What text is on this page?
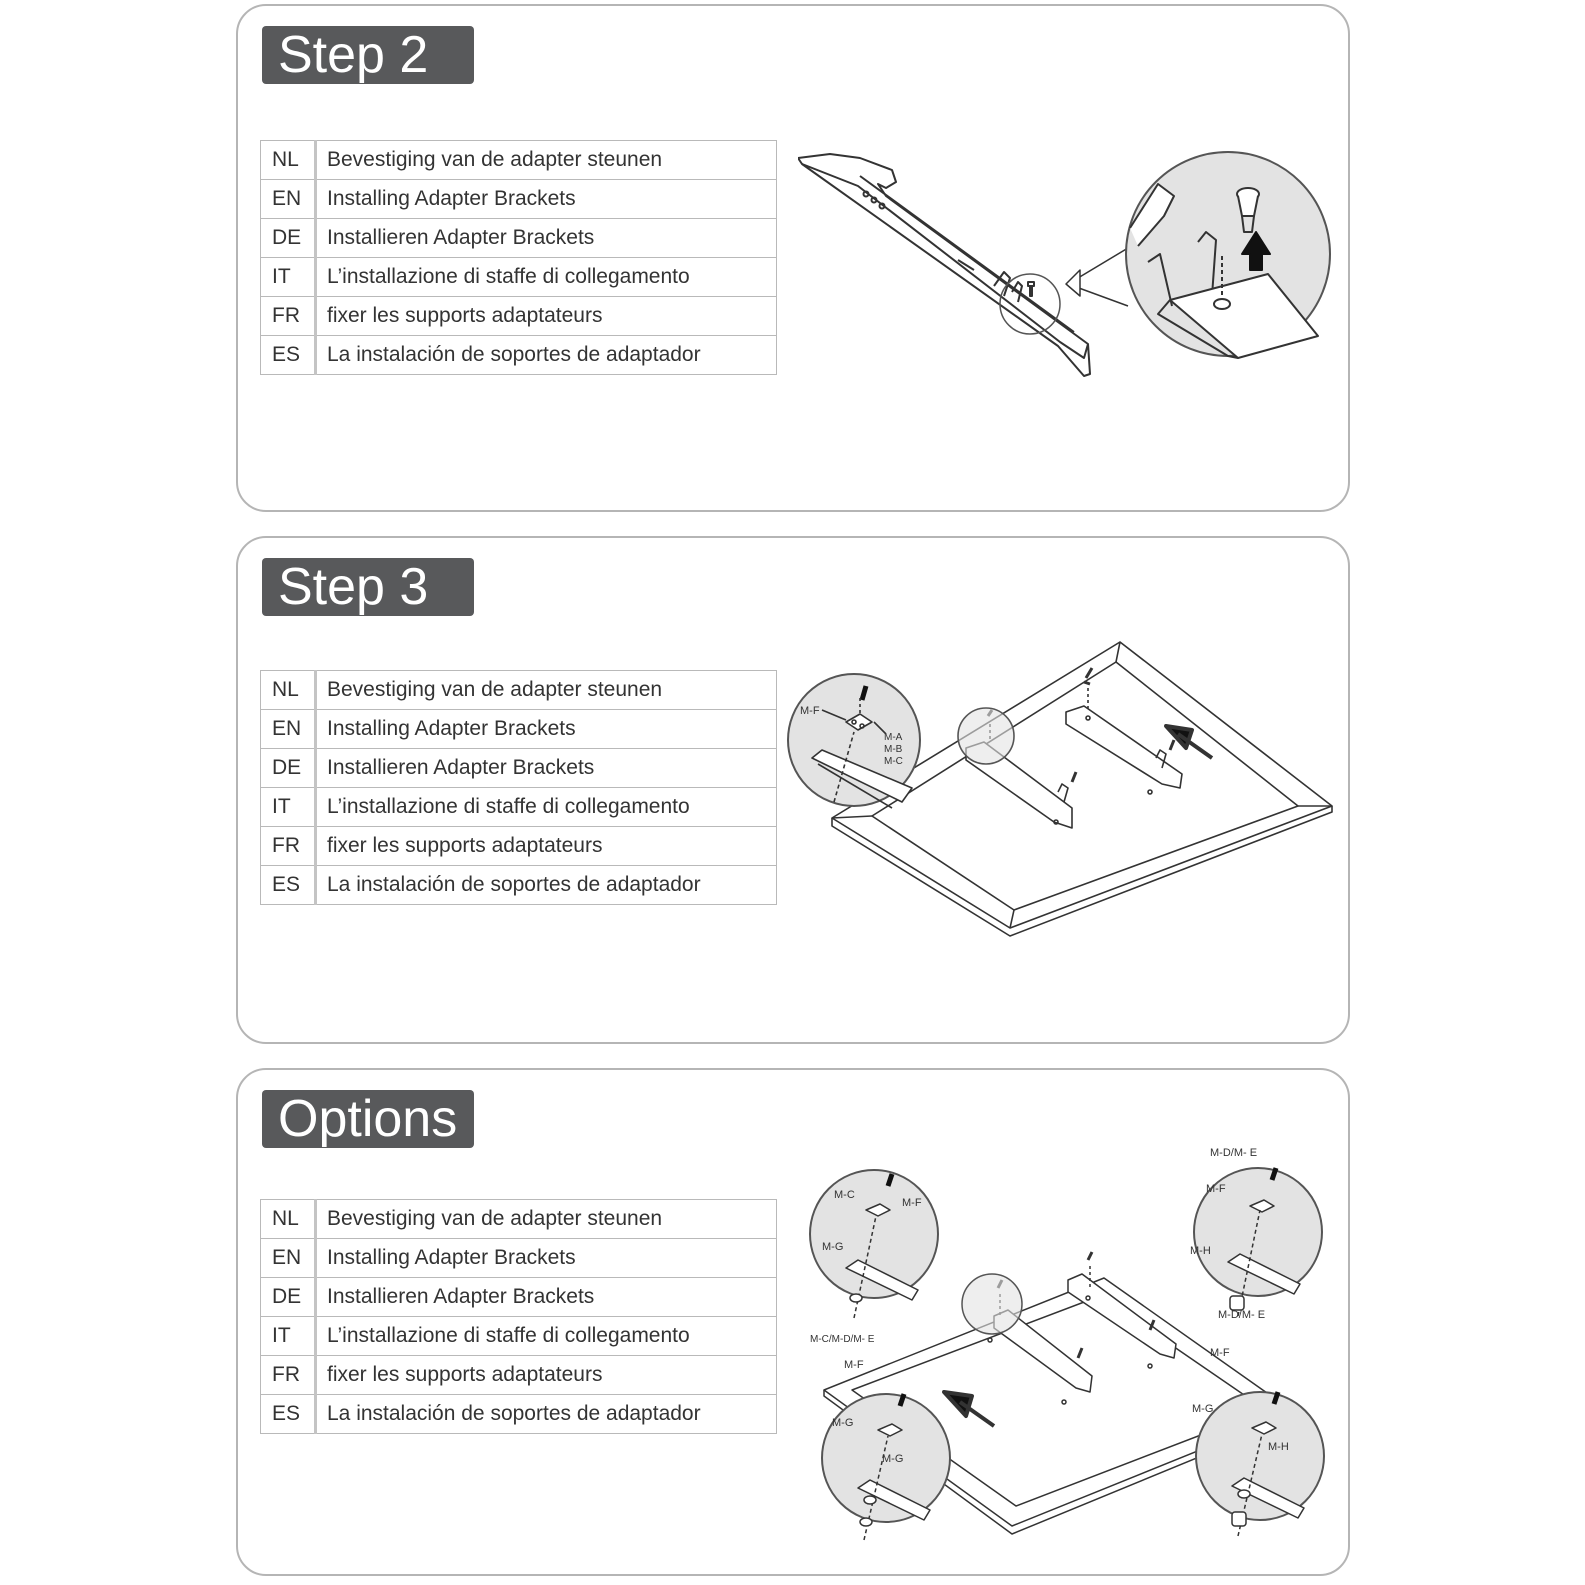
Step 2
NL	Bevestiging van de adapter steunen
EN	Installing Adapter Brackets
DE	Installieren Adapter Brackets
IT	L’installazione di staffe di collegamento
FR	fixer les supports adaptateurs
ES	La instalación de soportes de adaptador
Step 3
NL	Bevestiging van de adapter steunen
EN	Installing Adapter Brackets
DE	Installieren Adapter Brackets
IT	L’installazione di staffe di collegamento
FR	fixer les supports adaptateurs
ES	La instalación de soportes de adaptador
M-F
M-A
M-B
M-C
Options
NL	Bevestiging van de adapter steunen
EN	Installing Adapter Brackets
DE	Installieren Adapter Brackets
IT	L’installazione di staffe di collegamento
FR	fixer les supports adaptateurs
ES	La instalación de soportes de adaptador
M-C
M-F
M-G
M-D/M- E
M-F
M-H
M-D/M- E
M-F
M-G
M-H
M-C/M-D/M- E
M-F
M-G
M-G
